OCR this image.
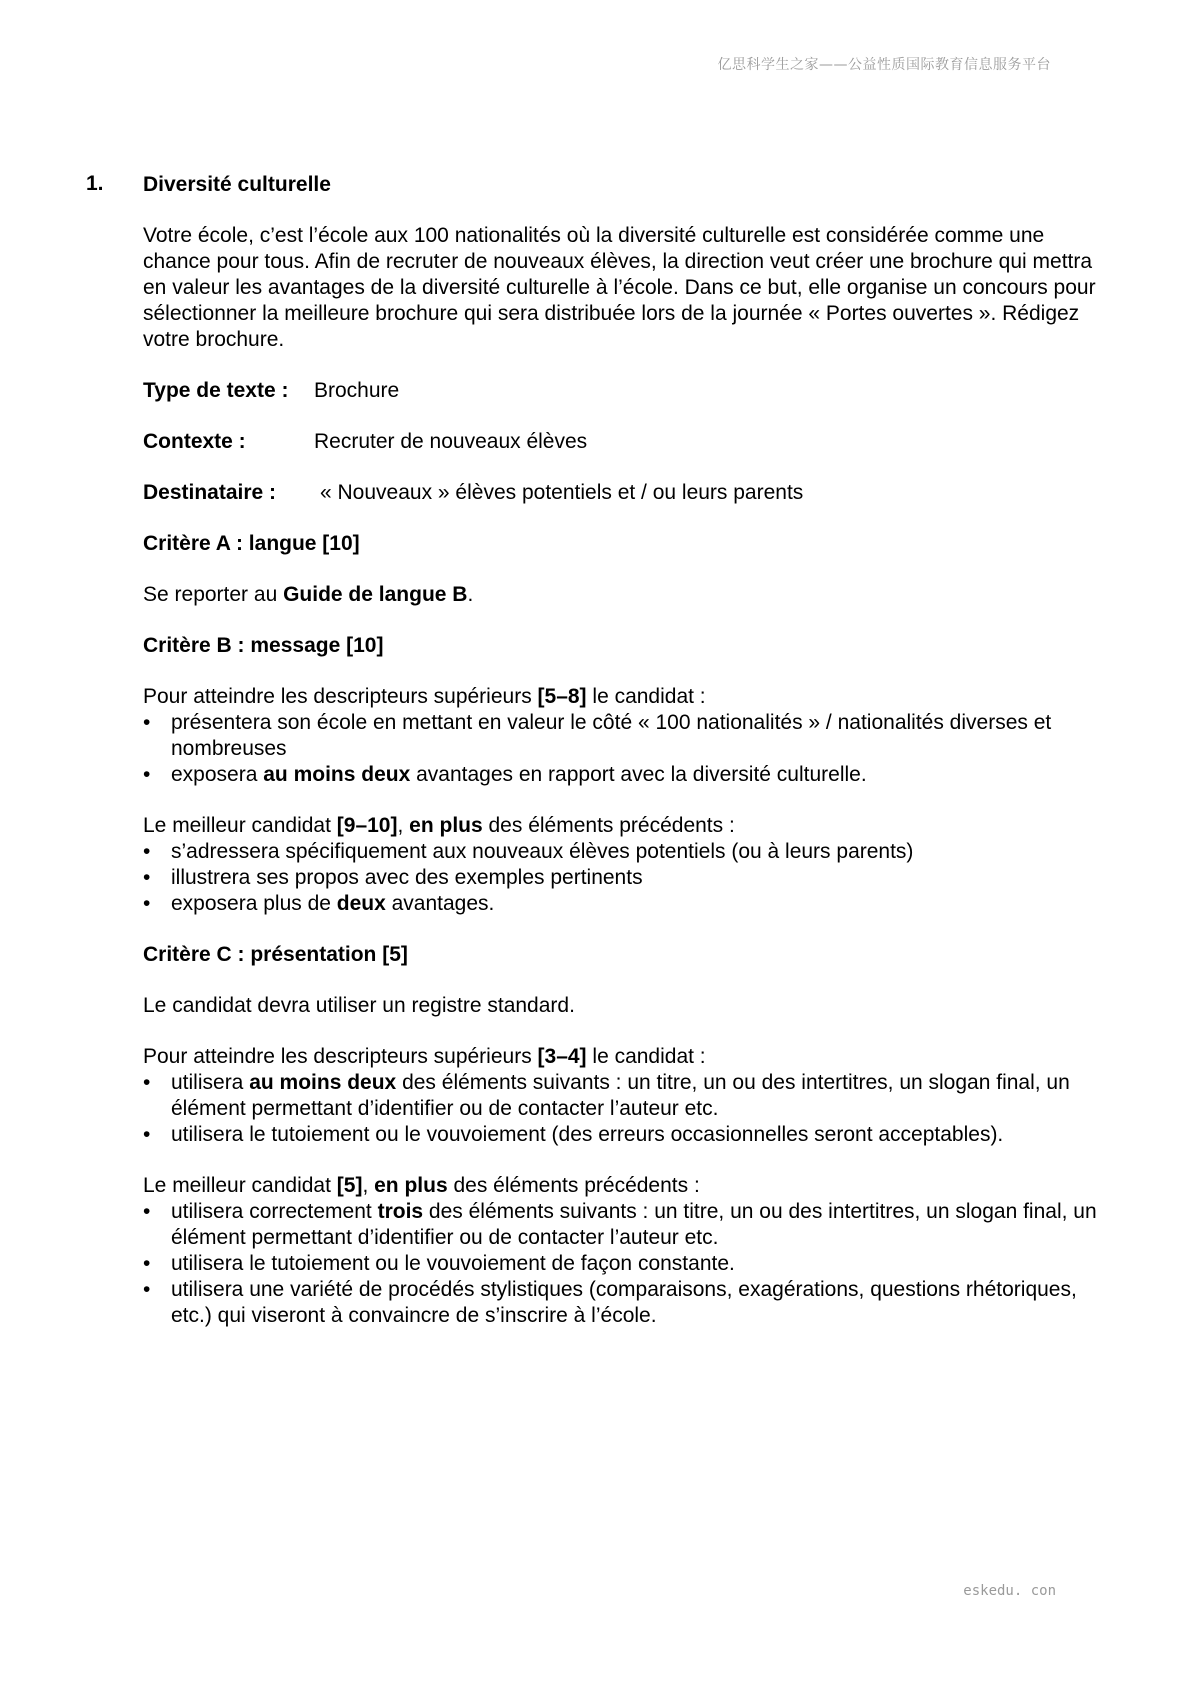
亿思科学生之家——公益性质国际教育信息服务平台
1. Diversité culturelle
Votre école, c’est l’école aux 100 nationalités où la diversité culturelle est considérée comme une chance pour tous. Afin de recruter de nouveaux élèves, la direction veut créer une brochure qui mettra en valeur les avantages de la diversité culturelle à l’école. Dans ce but, elle organise un concours pour sélectionner la meilleure brochure qui sera distribuée lors de la journée « Portes ouvertes ». Rédigez votre brochure.
Type de texte :	Brochure
Contexte :	Recruter de nouveaux élèves
Destinataire :	« Nouveaux » élèves potentiels et / ou leurs parents
Critère A : langue [10]
Se reporter au Guide de langue B.
Critère B : message [10]
Pour atteindre les descripteurs supérieurs [5–8] le candidat :
• présentera son école en mettant en valeur le côté « 100 nationalités » / nationalités diverses et nombreuses
• exposera au moins deux avantages en rapport avec la diversité culturelle.
Le meilleur candidat [9–10], en plus des éléments précédents :
• s’adressera spécifiquement aux nouveaux élèves potentiels (ou à leurs parents)
• illustrera ses propos avec des exemples pertinents
• exposera plus de deux avantages.
Critère C : présentation [5]
Le candidat devra utiliser un registre standard.
Pour atteindre les descripteurs supérieurs [3–4] le candidat :
• utilisera au moins deux des éléments suivants : un titre, un ou des intertitres, un slogan final, un élément permettant d’identifier ou de contacter l’auteur etc.
• utilisera le tutoiement ou le vouvoiement (des erreurs occasionnelles seront acceptables).
Le meilleur candidat [5], en plus des éléments précédents :
• utilisera correctement trois des éléments suivants : un titre, un ou des intertitres, un slogan final, un élément permettant d’identifier ou de contacter l’auteur etc.
• utilisera le tutoiement ou le vouvoiement de façon constante.
• utilisera une variété de procédés stylistiques (comparaisons, exagérations, questions rhétoriques, etc.) qui viseront à convaincre de s’inscrire à l’école.
eskedu. con
